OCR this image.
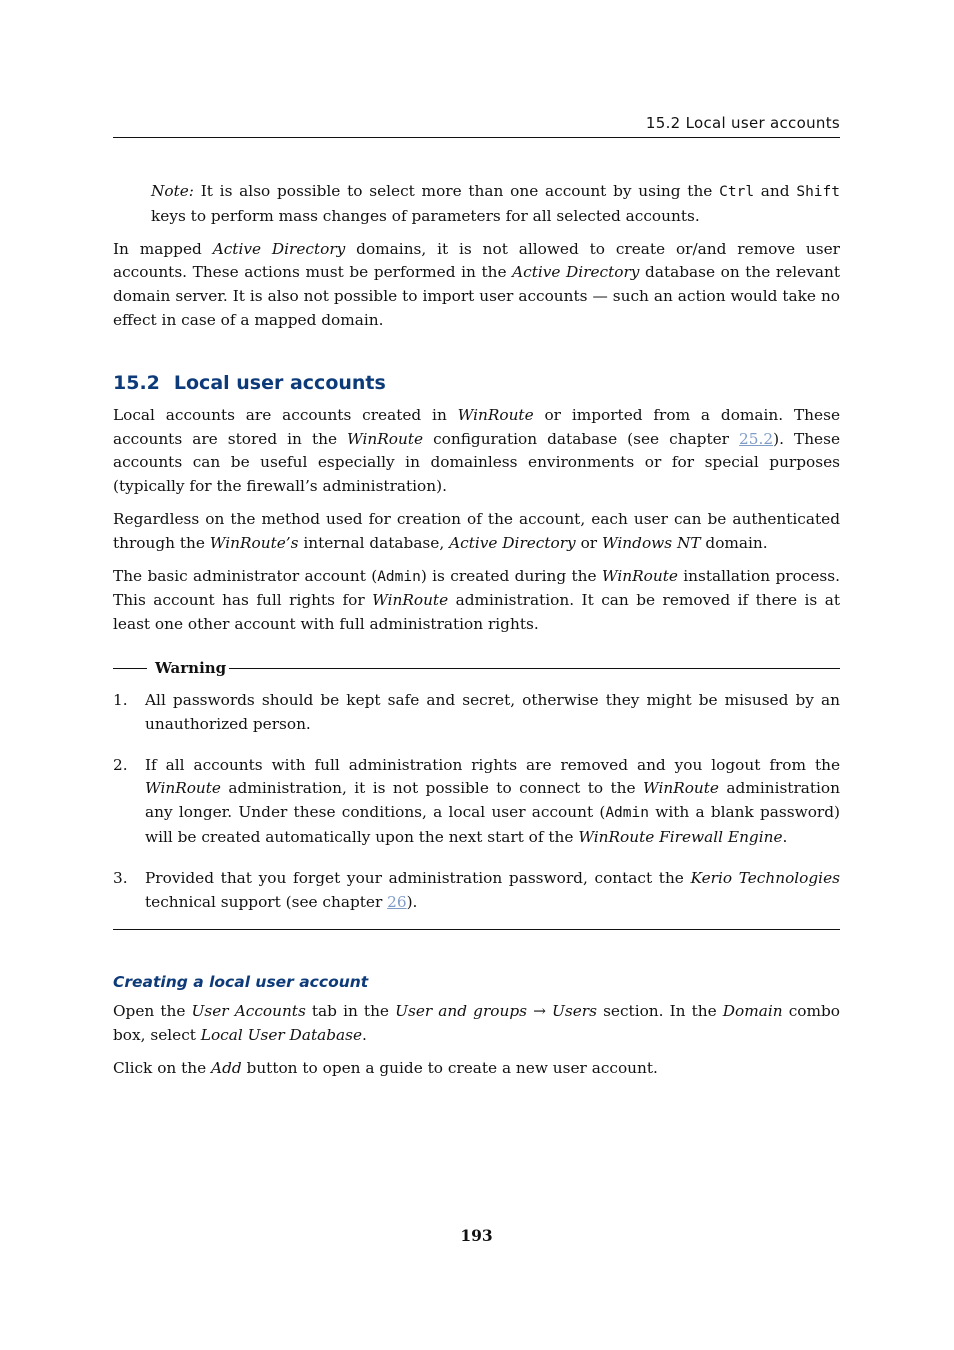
15.2 Local user accounts

Note: It is also possible to select more than one account by using the Ctrl and Shift keys to perform mass changes of parameters for all selected accounts.

In mapped Active Directory domains, it is not allowed to create or/and remove user accounts. These actions must be performed in the Active Directory database on the relevant domain server. It is also not possible to import user accounts — such an action would take no effect in case of a mapped domain.

15.2 Local user accounts

Local accounts are accounts created in WinRoute or imported from a domain. These accounts are stored in the WinRoute configuration database (see chapter 25.2). These accounts can be useful especially in domainless environments or for special purposes (typically for the firewall’s administration).

Regardless on the method used for creation of the account, each user can be authenticated through the WinRoute’s internal database, Active Directory or Windows NT domain.

The basic administrator account (Admin) is created during the WinRoute installation process. This account has full rights for WinRoute administration. It can be removed if there is at least one other account with full administration rights.

Warning
1. All passwords should be kept safe and secret, otherwise they might be misused by an unauthorized person.
2. If all accounts with full administration rights are removed and you logout from the WinRoute administration, it is not possible to connect to the WinRoute administration any longer. Under these conditions, a local user account (Admin with a blank password) will be created automatically upon the next start of the WinRoute Firewall Engine.
3. Provided that you forget your administration password, contact the Kerio Technologies technical support (see chapter 26).
Creating a local user account

Open the User Accounts tab in the User and groups → Users section. In the Domain combo box, select Local User Database.

Click on the Add button to open a guide to create a new user account.

193
